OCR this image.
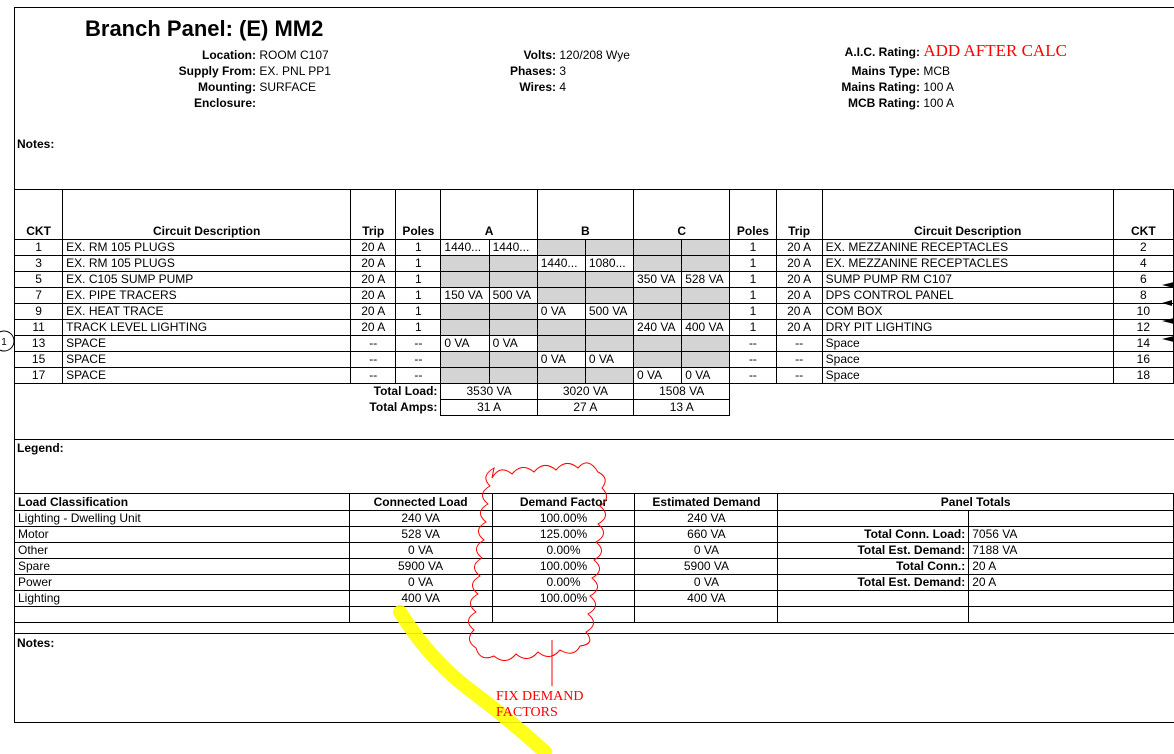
Branch Panel: (E) MM2
Location: ROOM C107
Supply From: EX. PNL PP1
Mounting: SURFACE
Enclosure:
Volts: 120/208 Wye
Phases: 3
Wires: 4
A.I.C. Rating: ADD AFTER CALC
Mains Type: MCB
Mains Rating: 100 A
MCB Rating: 100 A
Notes:
CKT	Circuit Description	Trip	Poles	A		B		C		Poles	Trip	Circuit Description	CKT
1	EX. RM 105 PLUGS	20 A	1	1440...	1440...					1	20 A	EX. MEZZANINE RECEPTACLES	2
3	EX. RM 105 PLUGS	20 A	1			1440...	1080...			1	20 A	EX. MEZZANINE RECEPTACLES	4
5	EX. C105 SUMP PUMP	20 A	1					350 VA	528 VA	1	20 A	SUMP PUMP RM C107	6
7	EX. PIPE TRACERS	20 A	1	150 VA	500 VA					1	20 A	DPS CONTROL PANEL	8
9	EX. HEAT TRACE	20 A	1			0 VA	500 VA			1	20 A	COM BOX	10
11	TRACK LEVEL LIGHTING	20 A	1					240 VA	400 VA	1	20 A	DRY PIT LIGHTING	12
13	SPACE	--	--	0 VA	0 VA					--	--	Space	14
15	SPACE	--	--			0 VA	0 VA			--	--	Space	16
17	SPACE	--	--					0 VA	0 VA	--	--	Space	18
Total Load:				3530 VA		3020 VA		1508 VA					
Total Amps:				31 A		27 A		13 A					
Legend:
Load Classification	Connected Load	Demand Factor	Estimated Demand	Panel Totals	
Lighting - Dwelling Unit	240 VA	100.00%	240 VA		
Motor	528 VA	125.00%	660 VA	Total Conn. Load:	7056 VA
Other	0 VA	0.00%	0 VA	Total Est. Demand:	7188 VA
Spare	5900 VA	100.00%	5900 VA	Total Conn.:	20 A
Power	0 VA	0.00%	0 VA	Total Est. Demand:	20 A
Lighting	400 VA	100.00%	400 VA		

Notes:
1
FIX DEMAND FACTORS
